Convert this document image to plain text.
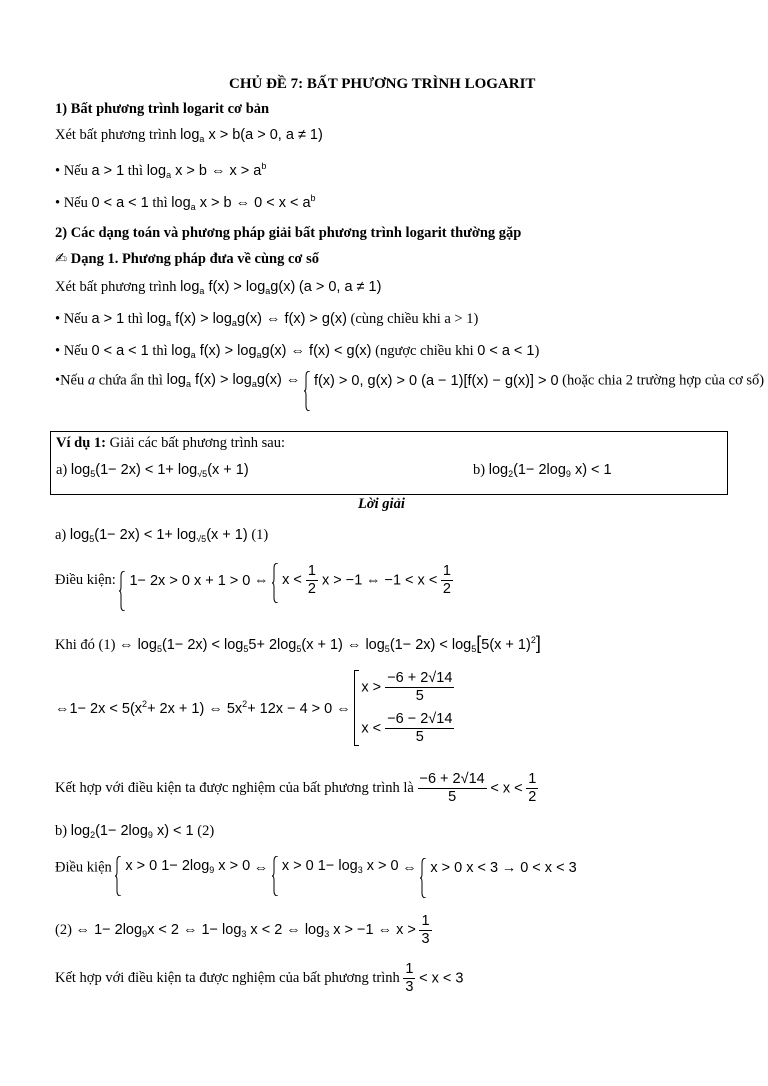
CHỦ ĐỀ 7: BẤT PHƯƠNG TRÌNH LOGARIT
1) Bất phương trình logarit cơ bản
Xét bất phương trình $\log_a x > b(a > 0$, a ≠ 1)
• Nếu a > 1 thì $\log_a x > b$ ⇔ $x > a^b$
• Nếu 0 < a < 1 thì $\log_a x > b$ ⇔ $0 < x < a^b$
2) Các dạng toán và phương pháp giải bất phương trình logarit thường gặp
✍ Dạng 1. Phương pháp đưa về cùng cơ số
Xét bất phương trình $\log_a f(x) > \log_ag(x) (a > 0$, a ≠ 1)
• Nếu a > 1 thì $\log_a f(x) > \log_ag(x)$ ⇔ f(x) > g(x) (cùng chiều khi a > 1)
• Nếu 0 < a < 1 thì $\log_a f(x) > \log_ag(x)$ ⇔ f(x) < g(x) (ngược chiều khi 0 < a < 1)
•Nếu a chứa ẩn thì $\log_a f(x) > \log_ag(x)$ ⇔ f(x) > 0, g(x) > 0 (a − 1)[f(x) − g(x)] > 0 (hoặc chia 2 trường hợp của cơ số)
Ví dụ 1: Giải các bất phương trình sau:
a) $\log_5(1- 2x) < 1+ \log_{√5}(x + 1)$	b) $\log_2(1- 2\log_9$ x) < 1
Lời giải
a) $\log_5(1- 2x) < 1+ \log_{√5}(x + 1)$ (1)
Điều kiện: 1− 2x > 0 x + 1 > 0 ⇔ $x < \frac{1}{2}$ x > −1 ⇔ $-1 < x < \frac{1}{2}$
Khi đó (1) ⇔ $\log_5(1- 2x) < \log_55+ 2\log_5(x + 1)$ ⇔ $\log_5(1- 2x) < \log_5[5(x + 1)^2]$
⇔1− $2x < 5(x^2+ 2x + 1)$ ⇔ $5x^2+ 12x - 4 > 0$ ⇔
$x > \frac{-6 + 2√14}{5}$
$x < \frac{-6 - 2√14}{5}$
Kết hợp với điều kiện ta được nghiệm của bất phương trình là $\frac{-6 + 2√14}{5} < x < \frac{1}{2}$
b) $\log_2(1- 2\log_9$ x) < 1 (2)
Điều kiện x > 0 $1- 2\log_9$ x > 0 ⇔ x > 0 $1- \log_3 x > 0$ ⇔ x > 0 x < 3 → 0 < x < 3
(2) ⇔ $1- 2\log_9x < 2$ ⇔ $1- \log_3 x < 2$ ⇔ $\log_3 x > -1$ ⇔ $x > \frac{1}{3}$
Kết hợp với điều kiện ta được nghiệm của bất phương trình $\frac{1}{3} < x < 3$
